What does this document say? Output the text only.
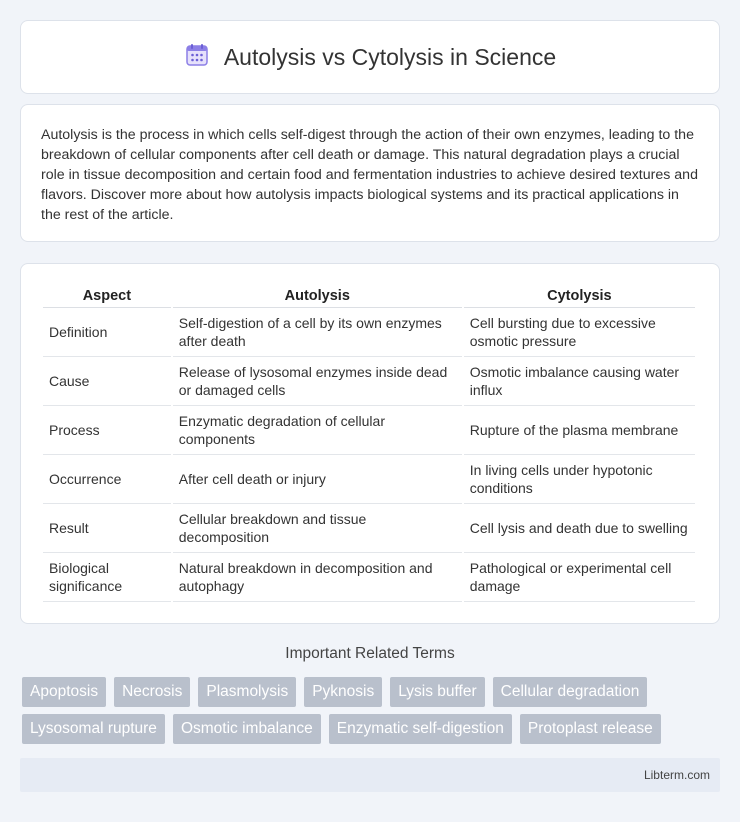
Autolysis vs Cytolysis in Science

Autolysis is the process in which cells self-digest through the action of their own enzymes, leading to the breakdown of cellular components after cell death or damage. This natural degradation plays a crucial role in tissue decomposition and certain food and fermentation industries to achieve desired textures and flavors. Discover more about how autolysis impacts biological systems and its practical applications in the rest of the article.

Aspect	Autolysis	Cytolysis
Definition	Self-digestion of a cell by its own enzymes after death	Cell bursting due to excessive osmotic pressure
Cause	Release of lysosomal enzymes inside dead or damaged cells	Osmotic imbalance causing water influx
Process	Enzymatic degradation of cellular components	Rupture of the plasma membrane
Occurrence	After cell death or injury	In living cells under hypotonic conditions
Result	Cellular breakdown and tissue decomposition	Cell lysis and death due to swelling
Biological significance	Natural breakdown in decomposition and autophagy	Pathological or experimental cell damage
Important Related Terms
Apoptosis	Necrosis	Plasmolysis	Pyknosis	Lysis buffer	Cellular degradation
Lysosomal rupture	Osmotic imbalance	Enzymatic self-digestion	Protoplast release
Libterm.com
